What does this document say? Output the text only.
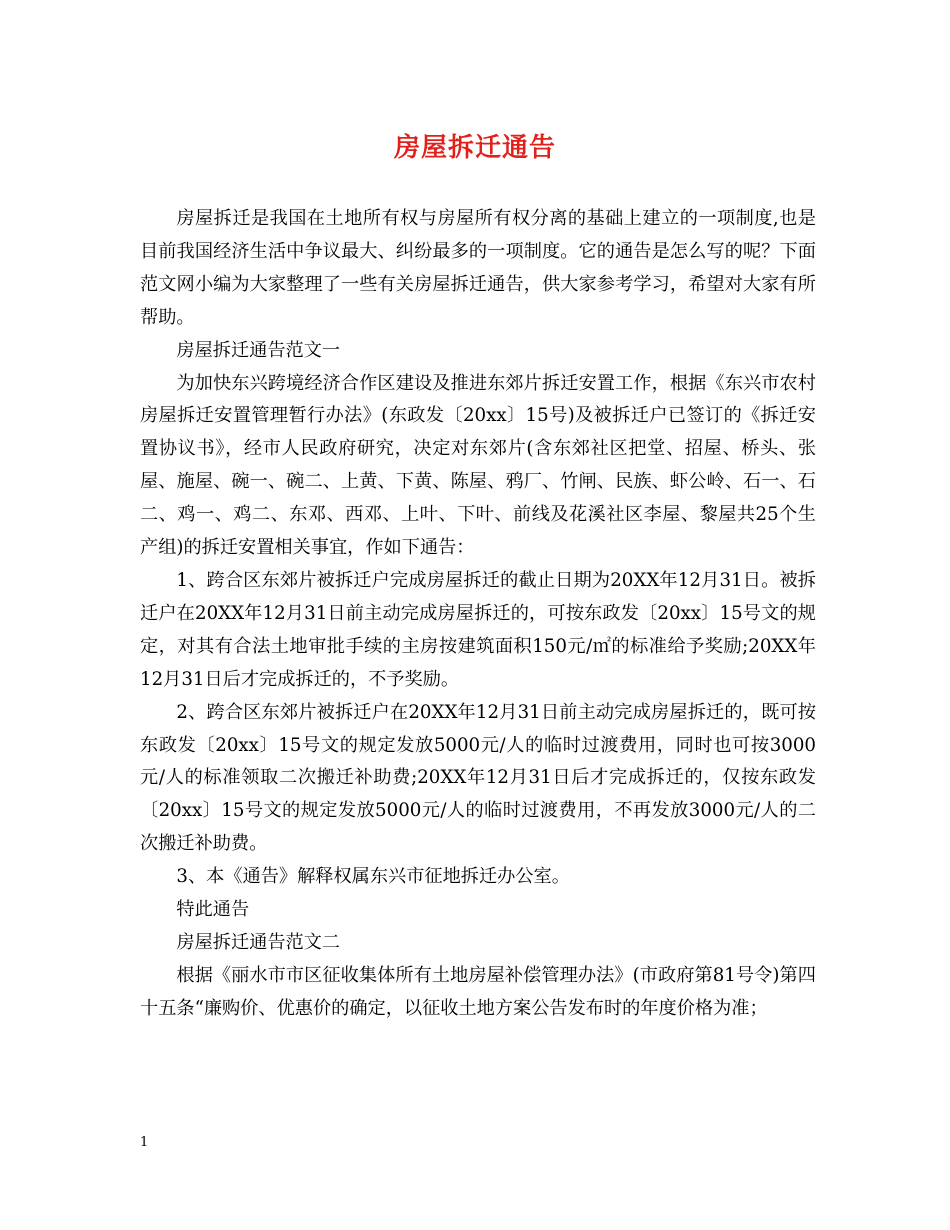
房屋拆迁通告

房屋拆迁是我国在土地所有权与房屋所有权分离的基础上建立的一项制度,也是目前我国经济生活中争议最大、纠纷最多的一项制度。它的通告是怎么写的呢？下面范文网小编为大家整理了一些有关房屋拆迁通告，供大家参考学习，希望对大家有所帮助。

房屋拆迁通告范文一

为加快东兴跨境经济合作区建设及推进东郊片拆迁安置工作，根据《东兴市农村房屋拆迁安置管理暂行办法》(东政发〔20xx〕15号)及被拆迁户已签订的《拆迁安置协议书》，经市人民政府研究，决定对东郊片(含东郊社区把堂、招屋、桥头、张屋、施屋、碗一、碗二、上黄、下黄、陈屋、鸦厂、竹闸、民族、虾公岭、石一、石二、鸡一、鸡二、东邓、西邓、上叶、下叶、前线及花溪社区李屋、黎屋共25个生产组)的拆迁安置相关事宜，作如下通告：

1、跨合区东郊片被拆迁户完成房屋拆迁的截止日期为20XX年12月31日。被拆迁户在20XX年12月31日前主动完成房屋拆迁的，可按东政发〔20xx〕15号文的规定，对其有合法土地审批手续的主房按建筑面积150元/㎡的标准给予奖励;20XX年12月31日后才完成拆迁的，不予奖励。

2、跨合区东郊片被拆迁户在20XX年12月31日前主动完成房屋拆迁的，既可按东政发〔20xx〕15号文的规定发放5000元/人的临时过渡费用，同时也可按3000元/人的标准领取二次搬迁补助费;20XX年12月31日后才完成拆迁的，仅按东政发〔20xx〕15号文的规定发放5000元/人的临时过渡费用，不再发放3000元/人的二次搬迁补助费。

3、本《通告》解释权属东兴市征地拆迁办公室。

特此通告

房屋拆迁通告范文二

根据《丽水市市区征收集体所有土地房屋补偿管理办法》(市政府第81号令)第四十五条“廉购价、优惠价的确定，以征收土地方案公告发布时的年度价格为准；

1
